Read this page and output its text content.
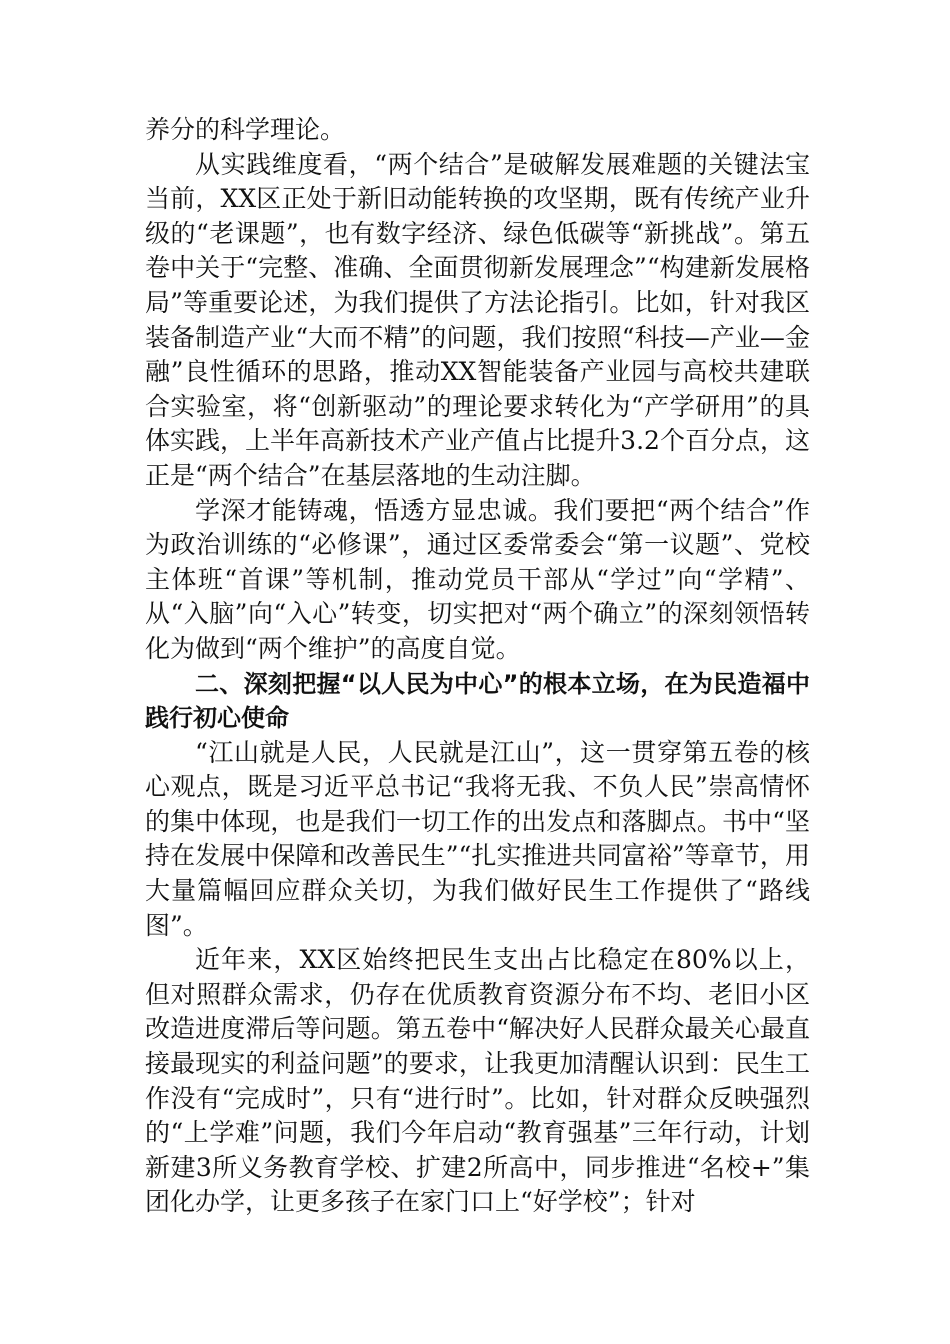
养分的科学理论。

从实践维度看，“两个结合”是破解发展难题的关键法宝当前，XX区正处于新旧动能转换的攻坚期，既有传统产业升级的“老课题”，也有数字经济、绿色低碳等“新挑战”。第五卷中关于“完整、准确、全面贯彻新发展理念”“构建新发展格局”等重要论述，为我们提供了方法论指引。比如，针对我区装备制造产业“大而不精”的问题，我们按照“科技—产业—金融”良性循环的思路，推动XX智能装备产业园与高校共建联合实验室，将“创新驱动”的理论要求转化为“产学研用”的具体实践，上半年高新技术产业产值占比提升3.2个百分点，这正是“两个结合”在基层落地的生动注脚。

学深才能铸魂，悟透方显忠诚。我们要把“两个结合”作为政治训练的“必修课”，通过区委常委会“第一议题”、党校主体班“首课”等机制，推动党员干部从“学过”向“学精”、从“入脑”向“入心”转变，切实把对“两个确立”的深刻领悟转化为做到“两个维护”的高度自觉。

二、深刻把握“以人民为中心”的根本立场，在为民造福中践行初心使命

“江山就是人民，人民就是江山”，这一贯穿第五卷的核心观点，既是习近平总书记“我将无我、不负人民”崇高情怀的集中体现，也是我们一切工作的出发点和落脚点。书中“坚持在发展中保障和改善民生”“扎实推进共同富裕”等章节，用大量篇幅回应群众关切，为我们做好民生工作提供了“路线图”。

近年来，XX区始终把民生支出占比稳定在80%以上，但对照群众需求，仍存在优质教育资源分布不均、老旧小区改造进度滞后等问题。第五卷中“解决好人民群众最关心最直接最现实的利益问题”的要求，让我更加清醒认识到：民生工作没有“完成时”，只有“进行时”。比如，针对群众反映强烈的“上学难”问题，我们今年启动“教育强基”三年行动，计划新建3所义务教育学校、扩建2所高中，同步推进“名校+”集团化办学，让更多孩子在家门口上“好学校”；针对
